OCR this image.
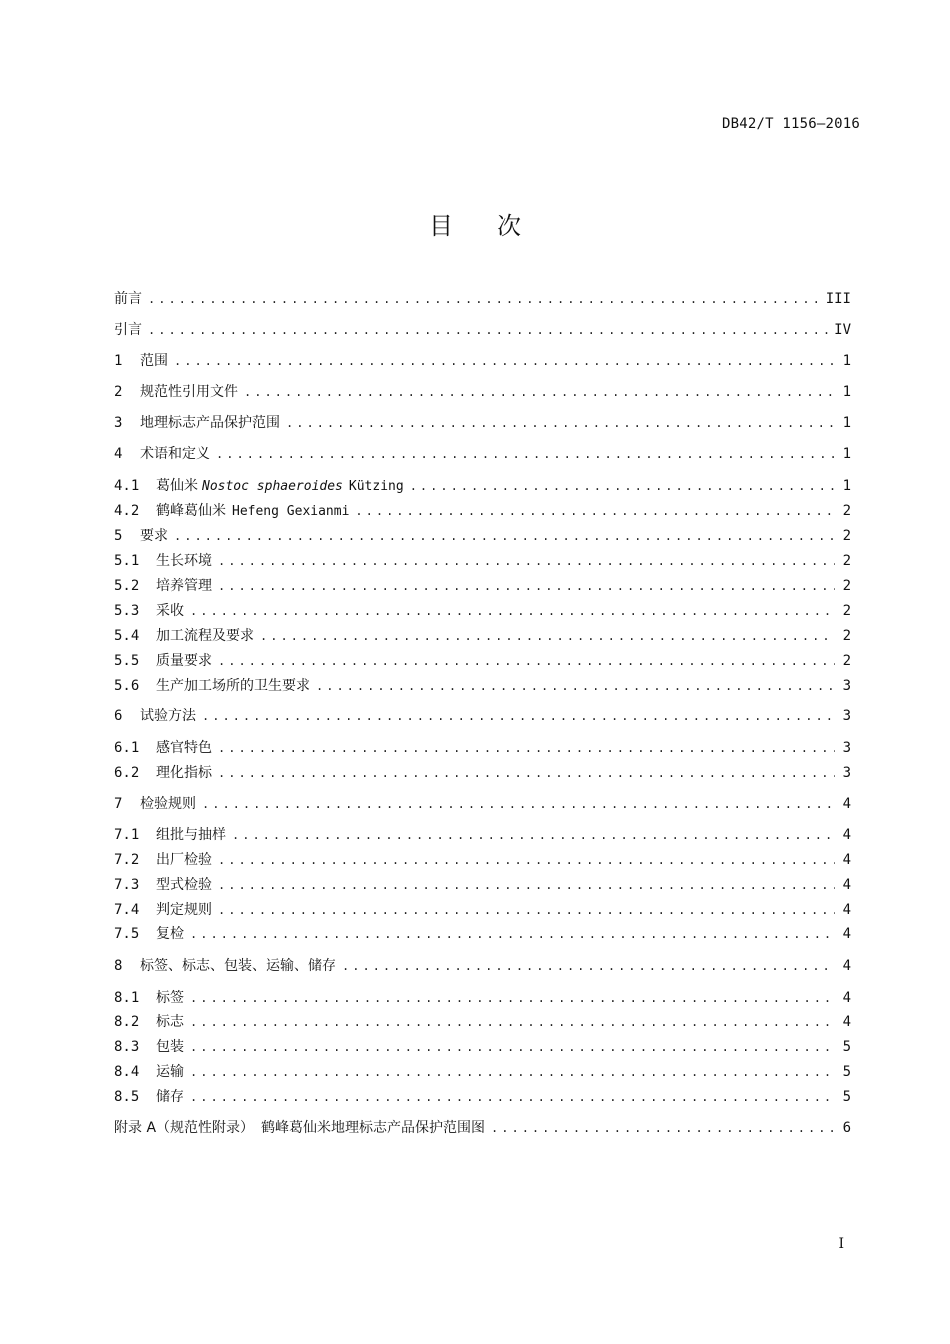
DB42/T 1156—2016
目次
前言 .....	III
引言 .....	IV
1	范围 .....	1
2	规范性引用文件 .....	1
3	地理标志产品保护范围 .....	1
4	术语和定义 .....	1
4.1	葛仙米 Nostoc sphaeroides Kützing .....	1
4.2	鹤峰葛仙米 Hefeng Gexianmi .....	2
5	要求 .....	2
5.1	生长环境 .....	2
5.2	培养管理 .....	2
5.3	采收 .....	2
5.4	加工流程及要求 .....	2
5.5	质量要求 .....	2
5.6	生产加工场所的卫生要求 .....	3
6	试验方法 .....	3
6.1	感官特色 .....	3
6.2	理化指标 .....	3
7	检验规则 .....	4
7.1	组批与抽样 .....	4
7.2	出厂检验 .....	4
7.3	型式检验 .....	4
7.4	判定规则 .....	4
7.5	复检 .....	4
8	标签、标志、包装、运输、储存 .....	4
8.1	标签 .....	4
8.2	标志 .....	4
8.3	包装 .....	5
8.4	运输 .....	5
8.5	储存 .....	5
附录 A（规范性附录）　鹤峰葛仙米地理标志产品保护范围图 .....	6
I
